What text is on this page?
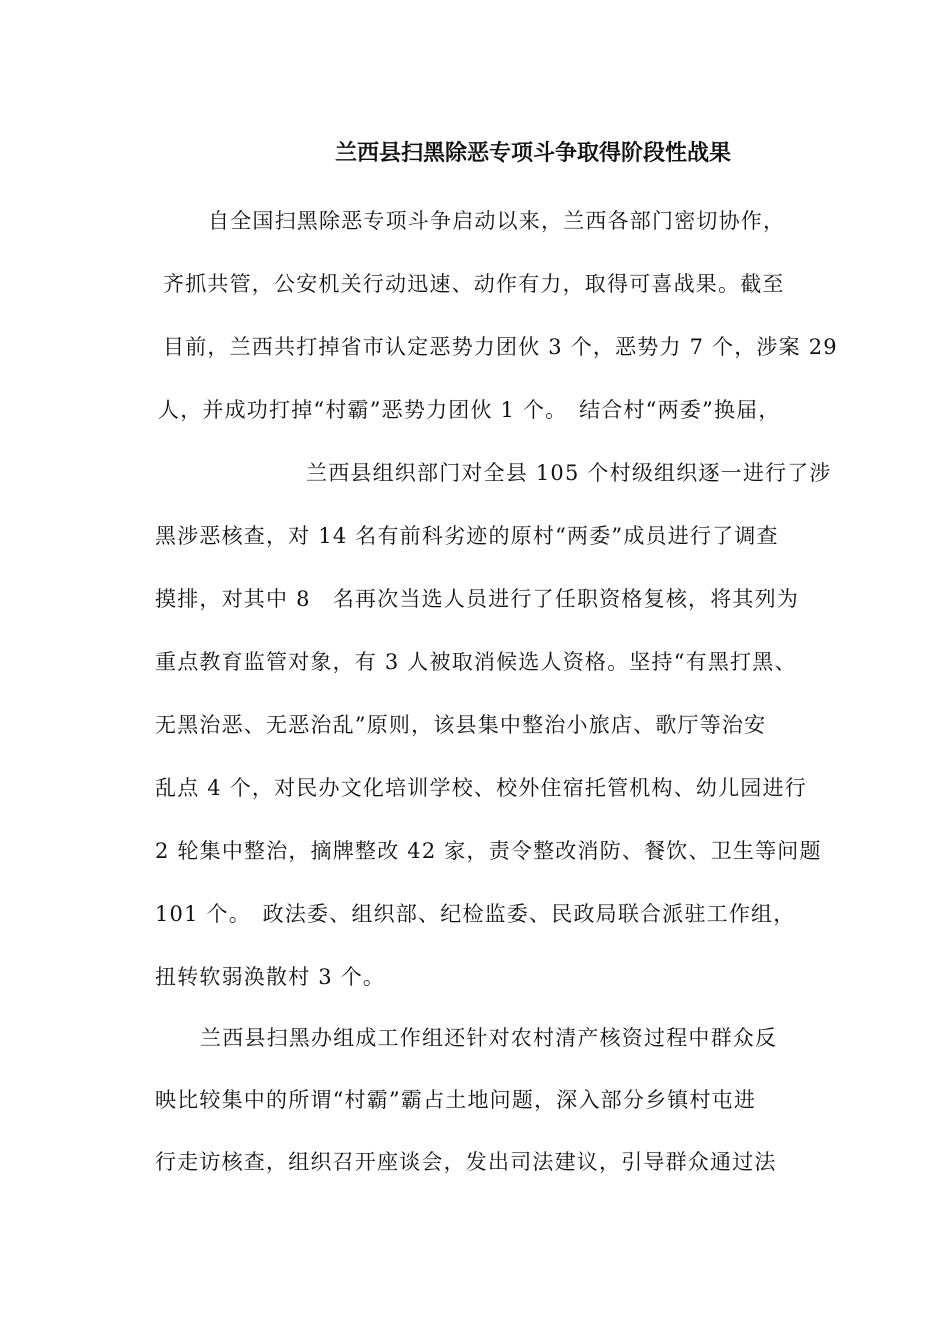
兰西县扫黑除恶专项斗争取得阶段性战果
自全国扫黑除恶专项斗争启动以来，兰西各部门密切协作，
齐抓共管，公安机关行动迅速、动作有力，取得可喜战果。截至
目前，兰西共打掉省市认定恶势力团伙 3 个，恶势力 7 个，涉案 29
人，并成功打掉“村霸”恶势力团伙 1 个。　结合村“两委”换届，
兰西县组织部门对全县 105 个村级组织逐一进行了涉
黑涉恶核查，对 14 名有前科劣迹的原村“两委”成员进行了调查
摸排，对其中 8　名再次当选人员进行了任职资格复核，将其列为
重点教育监管对象，有 3 人被取消候选人资格。坚持“有黑打黑、
无黑治恶、无恶治乱”原则，该县集中整治小旅店、歌厅等治安
乱点 4 个，对民办文化培训学校、校外住宿托管机构、幼儿园进行
2 轮集中整治，摘牌整改 42 家，责令整改消防、餐饮、卫生等问题
101 个。　政法委、组织部、纪检监委、民政局联合派驻工作组，
扭转软弱涣散村 3 个。
兰西县扫黑办组成工作组还针对农村清产核资过程中群众反
映比较集中的所谓“村霸”霸占土地问题，深入部分乡镇村屯进
行走访核查，组织召开座谈会，发出司法建议，引导群众通过法
